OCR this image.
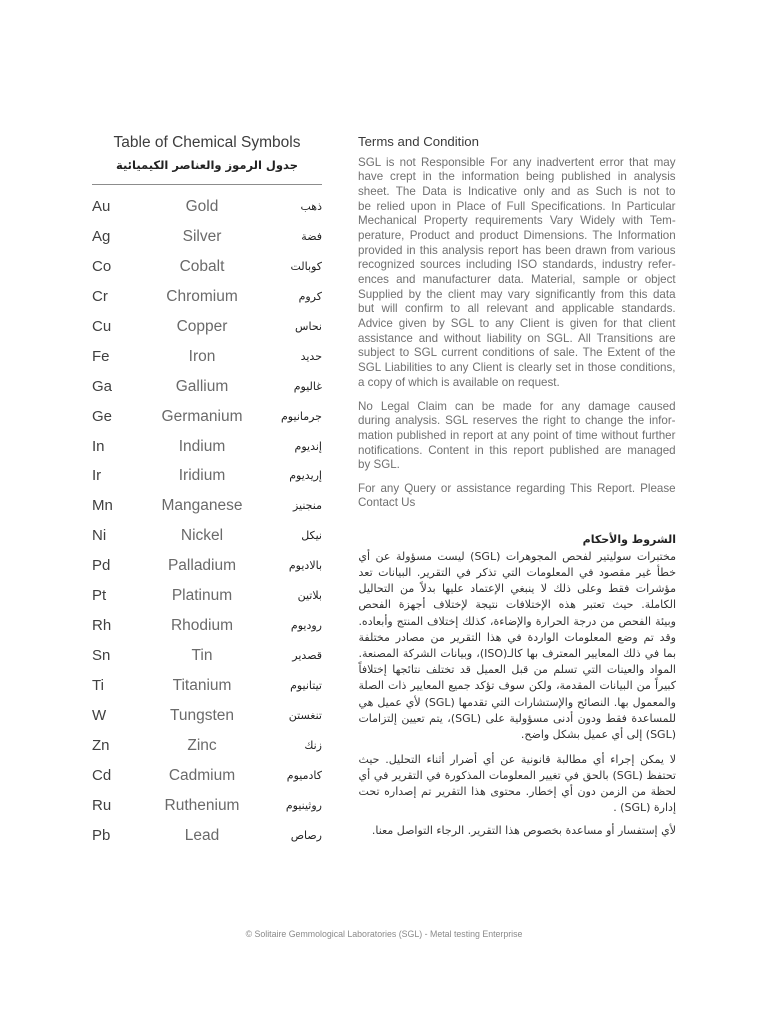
Table of Chemical Symbols
جدول الرموز والعناصر الكيميائية
Au	Gold	ذهب
Ag	Silver	فضة
Co	Cobalt	كوبالت
Cr	Chromium	كروم
Cu	Copper	نحاس
Fe	Iron	حديد
Ga	Gallium	غاليوم
Ge	Germanium	جرمانيوم
In	Indium	إنديوم
Ir	Iridium	إريديوم
Mn	Manganese	منجنيز
Ni	Nickel	نيكل
Pd	Palladium	بالاديوم
Pt	Platinum	بلاتين
Rh	Rhodium	روديوم
Sn	Tin	قصدير
Ti	Titanium	تيتانيوم
W	Tungsten	تنغستن
Zn	Zinc	زنك
Cd	Cadmium	كادميوم
Ru	Ruthenium	روثينيوم
Pb	Lead	رصاص
Terms and Condition
SGL is not Responsible For any inadvertent error that may
have crept in the information being published in analysis
sheet. The Data is Indicative only and as Such is not to
be relied upon in Place of Full Specifications. In Particular
Mechanical Property requirements Vary Widely with Tem-
perature, Product and product Dimensions. The Information
provided in this analysis report has been drawn from various
recognized sources including ISO standards, industry refer-
ences and manufacturer data. Material, sample or object
Supplied by the client may vary significantly from this data
but will confirm to all relevant and applicable standards.
Advice given by SGL to any Client is given for that client
assistance and without liability on SGL. All Transitions are
subject to SGL current conditions of sale. The Extent of the
SGL Liabilities to any Client is clearly set in those conditions,
a copy of which is available on request.
No Legal Claim can be made for any damage caused
during analysis. SGL reserves the right to change the infor-
mation published in report at any point of time without further
notifications. Content in this report published are managed
by SGL.
For any Query or assistance regarding This Report. Please
Contact Us
الشروط والأحكام
مختبرات سوليتير لفحص المجوهرات (SGL) ليست مسؤولة عن أي
خطأ غير مقصود في المعلومات التي تذكر في التقرير. البيانات تعد
مؤشرات فقط وعلى ذلك لا ينبغي الإعتماد عليها بدلاً من التحاليل
الكاملة. حيث تعتبر هذه الإختلافات نتيجة لإختلاف أجهزة الفحص
وبيئة الفحص من درجة الحرارة والإضاءة، كذلك إختلاف المنتج وأبعاده.
وقد تم وضع المعلومات الواردة في هذا التقرير من مصادر مختلفة
بما في ذلك المعايير المعترف بها كالـ(ISO)، وبيانات الشركة المصنعة.
المواد والعينات التي تسلم من قبل العميل قد تختلف نتائجها إختلافاً
كبيراً من البيانات المقدمة، ولكن سوف تؤكد جميع المعايير ذات الصلة
والمعمول بها. النصائح والإستشارات التي تقدمها (SGL) لأي عميل هي
للمساعدة فقط ودون أدنى مسؤولية على (SGL)، يتم تعيين إلتزامات
(SGL) إلى أي عميل بشكل واضح.
لا يمكن إجراء أي مطالبة قانونية عن أي أضرار أثناء التحليل. حيث
تحتفظ (SGL) بالحق في تغيير المعلومات المذكورة في التقرير في أي
لحظة من الزمن دون أي إخطار. محتوى هذا التقرير تم إصداره تحت
إدارة (SGL) .
لأي إستفسار أو مساعدة بخصوص هذا التقرير. الرجاء التواصل معنا.
© Solitaire Gemmological Laboratories (SGL) - Metal testing Enterprise
